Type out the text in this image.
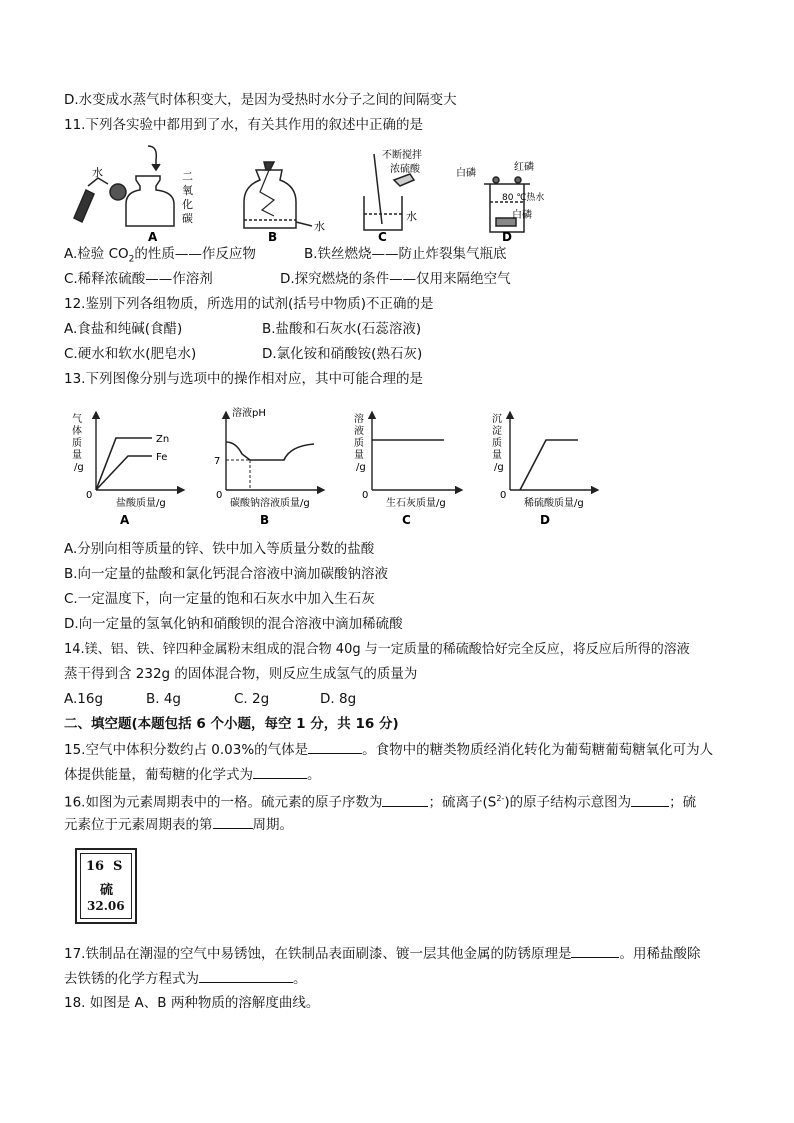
D.水变成水蒸气时体积变大，是因为受热时水分子之间的间隔变大
11.下列各实验中都用到了水，有关其作用的叙述中正确的是
水	二
氧
化
碳
水
不断搅拌
浓硫酸
水
白磷
红磷
80 ℃热水
白磷
A	B	C	D
A.检验 $CO_2$的性质——作反应物	B.铁丝燃烧——防止炸裂集气瓶底
C.稀释浓硫酸——作溶剂	D.探究燃烧的条件——仅用来隔绝空气
12.鉴别下列各组物质，所选用的试剂(括号中物质)不正确的是
A.食盐和纯碱(食醋)	B.盐酸和石灰水(石蕊溶液)
C.硬水和软水(肥皂水)	D.氯化铵和硝酸铵(熟石灰)
13.下列图像分别与选项中的操作相对应，其中可能合理的是
气
体
质
量
/g
Zn
Fe
0
盐酸质量/g
A
溶液pH
7
0
碳酸钠溶液质量/g
B
溶
液
质
量
/g
0
生石灰质量/g
C
沉
淀
质
量
/g
0
稀硫酸质量/g
D
A.分别向相等质量的锌、铁中加入等质量分数的盐酸
B.向一定量的盐酸和氯化钙混合溶液中滴加碳酸钠溶液
C.一定温度下，向一定量的饱和石灰水中加入生石灰
D.向一定量的氢氧化钠和硝酸钡的混合溶液中滴加稀硫酸
14.镁、铝、铁、锌四种金属粉末组成的混合物 40g 与一定质量的稀硫酸恰好完全反应，将反应后所得的溶液
蒸干得到含 232g 的固体混合物，则反应生成氢气的质量为
A.16g	B. 4g	C. 2g	D. 8g
二、填空题(本题包括 6 个小题，每空 1 分，共 16 分)
15.空气中体积分数约占 0.03%的气体是	。食物中的糖类物质经消化转化为葡萄糖葡萄糖氧化可为人
体提供能量，葡萄糖的化学式为	。
16.如图为元素周期表中的一格。硫元素的原子序数为	；硫离子$(S^{2-})$的原子结构示意图为	；硫
元素位于元素周期表的第	周期。
16 S
硫
32.06
17.铁制品在潮湿的空气中易锈蚀，在铁制品表面刷漆、镀一层其他金属的防锈原理是	。用稀盐酸除
去铁锈的化学方程式为	。
18. 如图是 A、B 两种物质的溶解度曲线。
